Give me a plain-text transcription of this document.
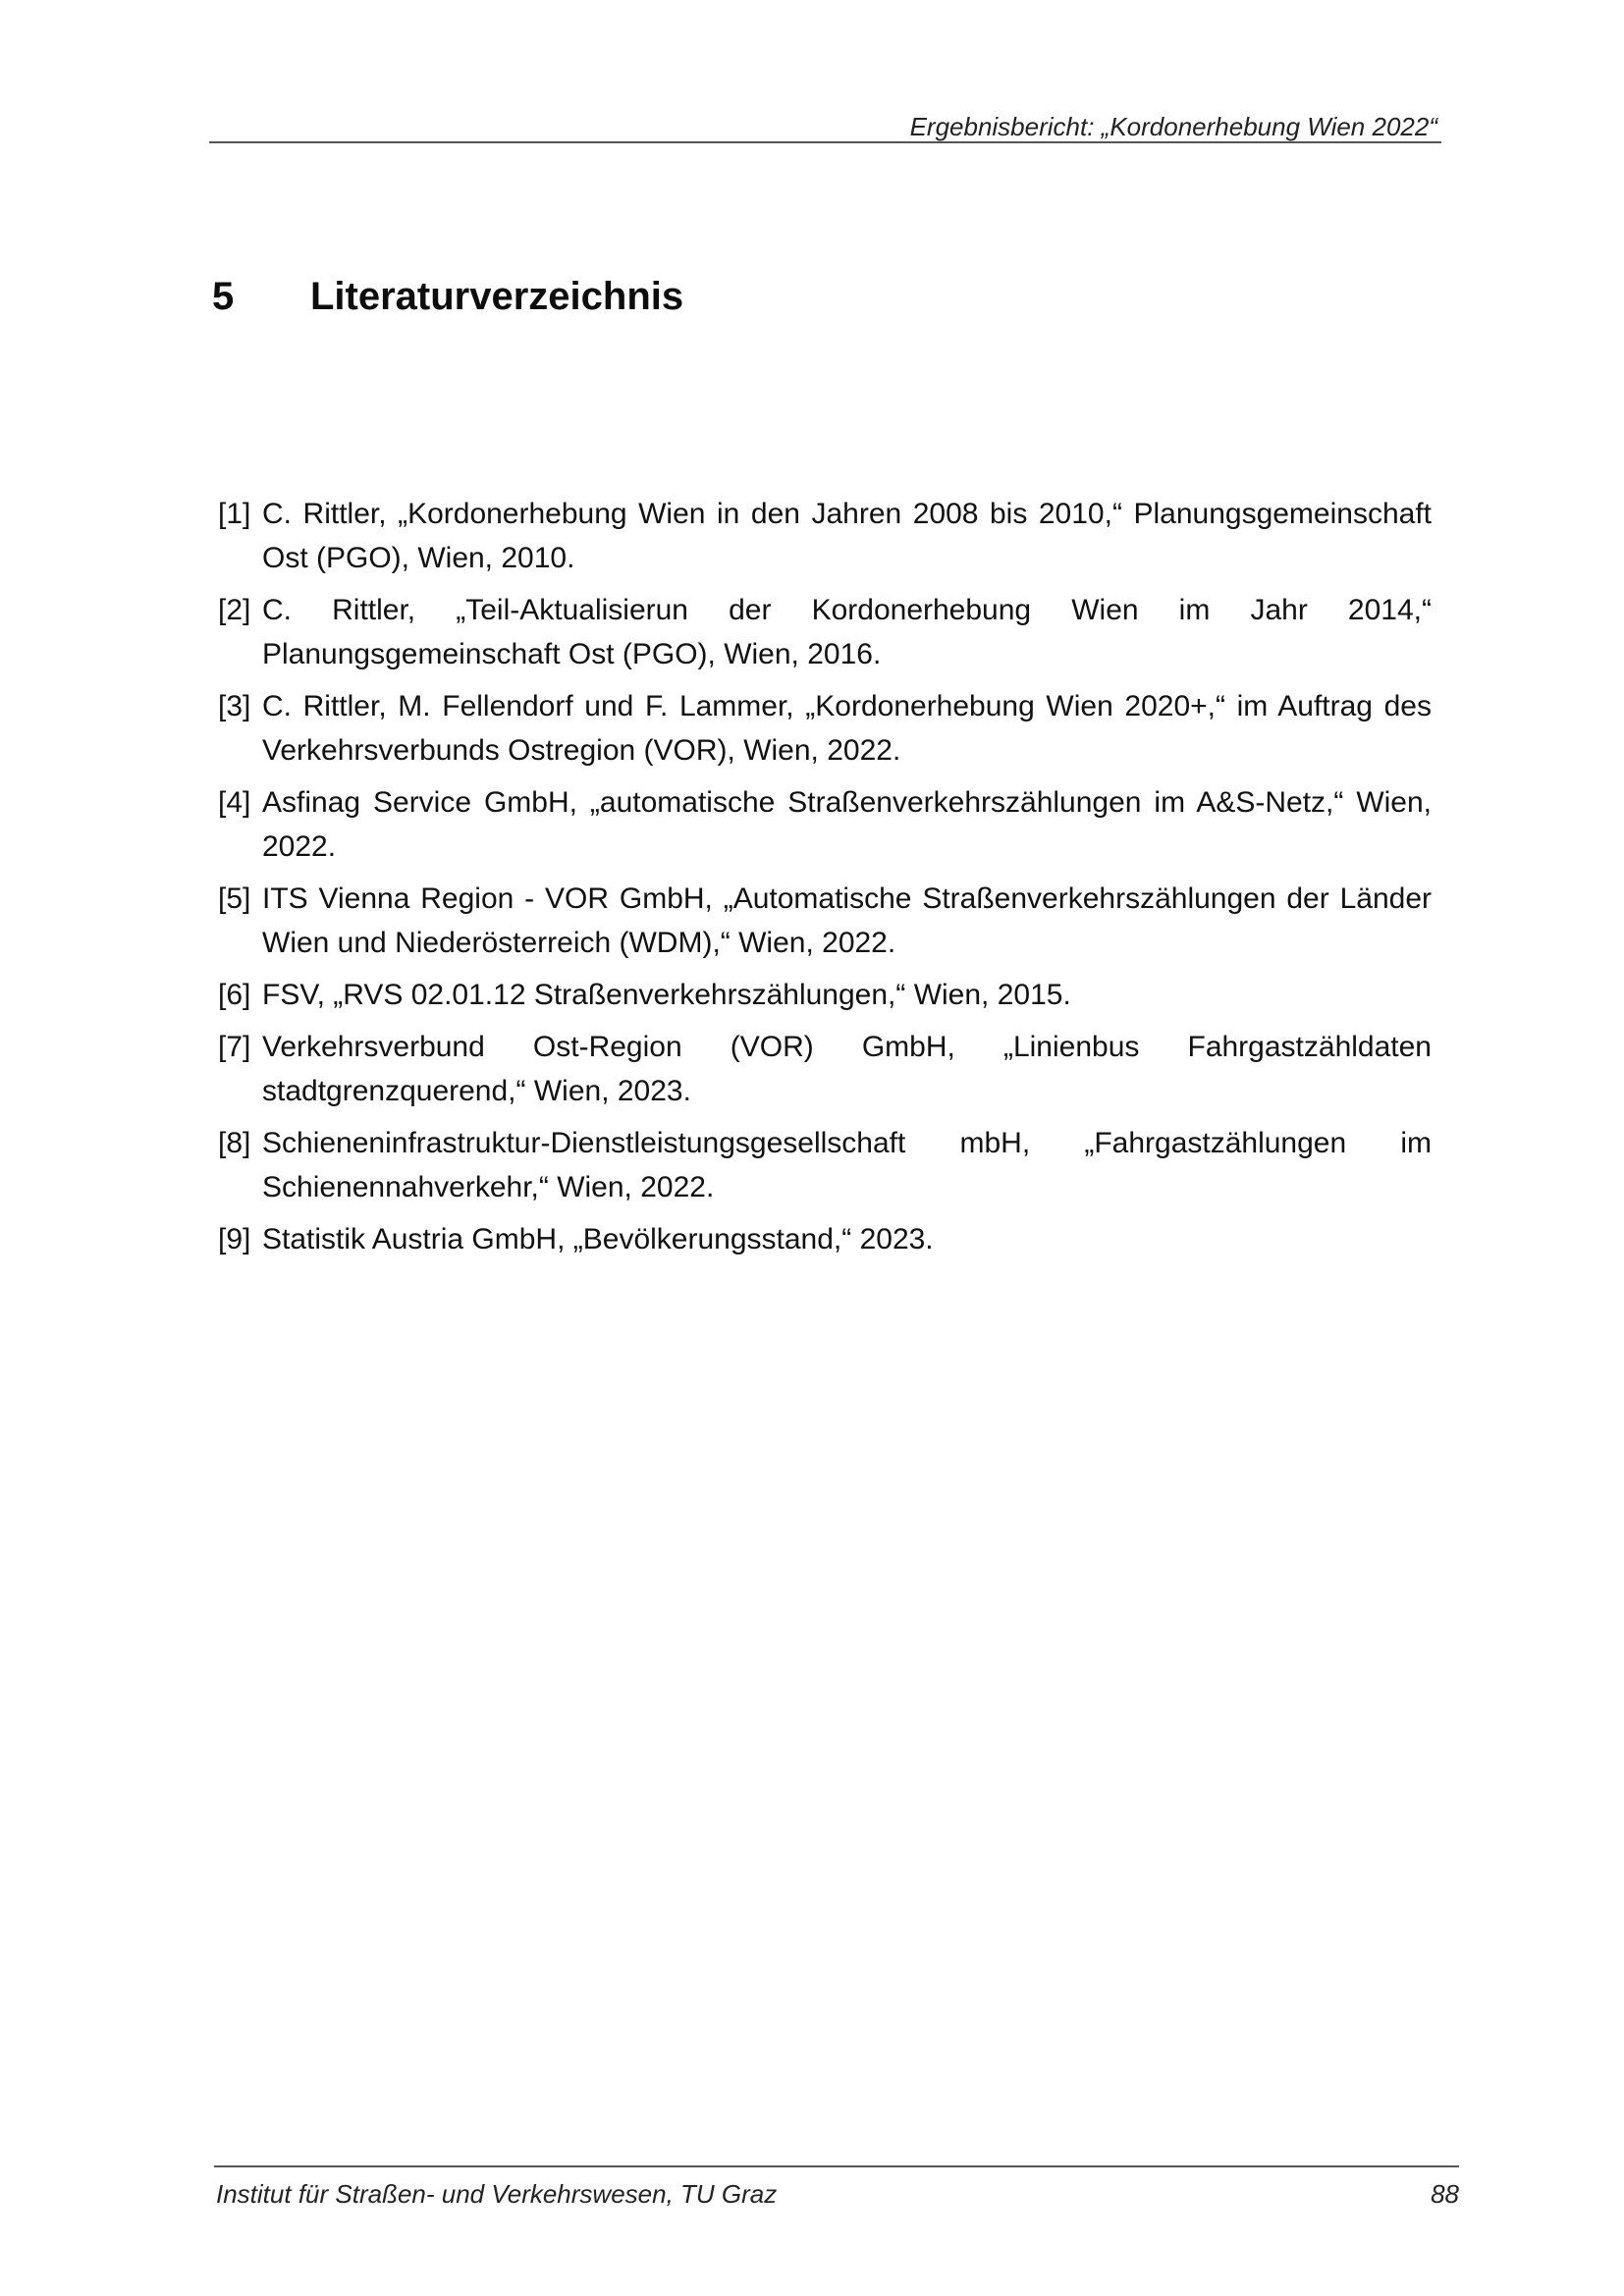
Ergebnisbericht: „Kordonerhebung Wien 2022“
5 Literaturverzeichnis
[1] C. Rittler, „Kordonerhebung Wien in den Jahren 2008 bis 2010,“ Planungsgemeinschaft Ost (PGO), Wien, 2010.
[2] C. Rittler, „Teil-Aktualisierun der Kordonerhebung Wien im Jahr 2014,“ Planungsgemeinschaft Ost (PGO), Wien, 2016.
[3] C. Rittler, M. Fellendorf und F. Lammer, „Kordonerhebung Wien 2020+,“ im Auftrag des Verkehrsverbunds Ostregion (VOR), Wien, 2022.
[4] Asfinag Service GmbH, „automatische Straßenverkehrszählungen im A&S-Netz,“ Wien, 2022.
[5] ITS Vienna Region - VOR GmbH, „Automatische Straßenverkehrszählungen der Länder Wien und Niederösterreich (WDM),“ Wien, 2022.
[6] FSV, „RVS 02.01.12 Straßenverkehrszählungen,“ Wien, 2015.
[7] Verkehrsverbund Ost-Region (VOR) GmbH, „Linienbus Fahrgastzähldaten stadtgrenzquerend,“ Wien, 2023.
[8] Schieneninfrastruktur-Dienstleistungsgesellschaft mbH, „Fahrgastzählungen im Schienennahverkehr,“ Wien, 2022.
[9] Statistik Austria GmbH, „Bevölkerungsstand,“ 2023.
Institut für Straßen- und Verkehrswesen, TU Graz	88
